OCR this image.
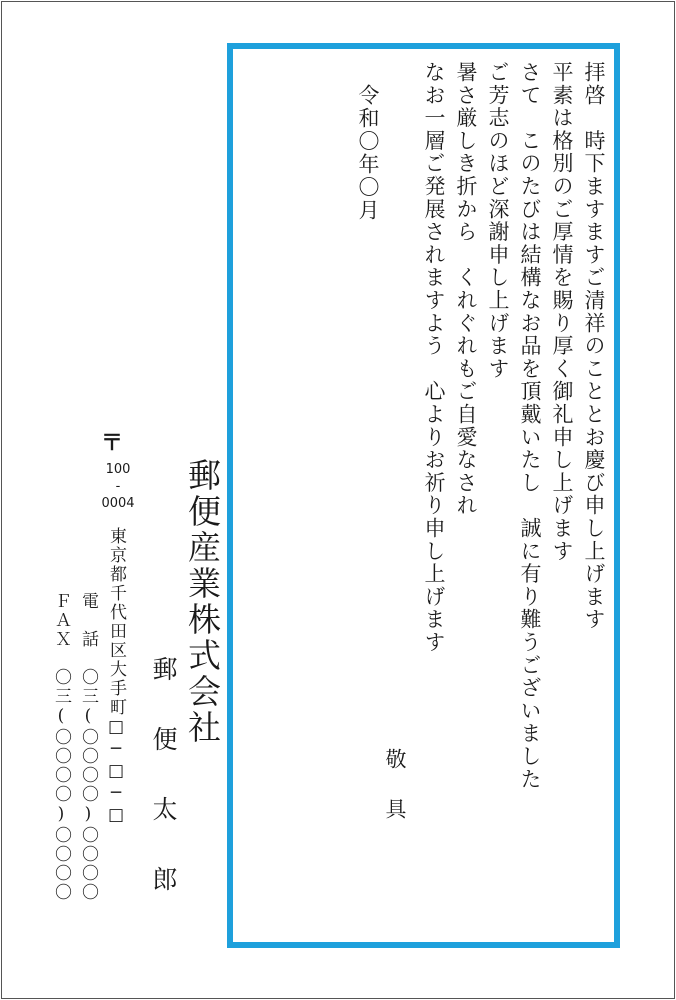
拝啓　時下ますますご清祥のこととお慶び申し上げます
平素は格別のご厚情を賜り厚く御礼申し上げます
さて　このたびは結構なお品を頂戴いたし　誠に有り難うございました
ご芳志のほど深謝申し上げます
暑さ厳しき折から　くれぐれもご自愛なされ
なお一層ご発展されますよう　心よりお祈り申し上げます
敬具
令和〇年〇月
郵便産業株式会社
郵便太郎
〒
100
-
0004
東京都千代田区大手町□─□─□
電　話　〇三(〇〇〇〇)〇〇〇〇
ＦＡＸ　〇三(〇〇〇〇)〇〇〇〇
